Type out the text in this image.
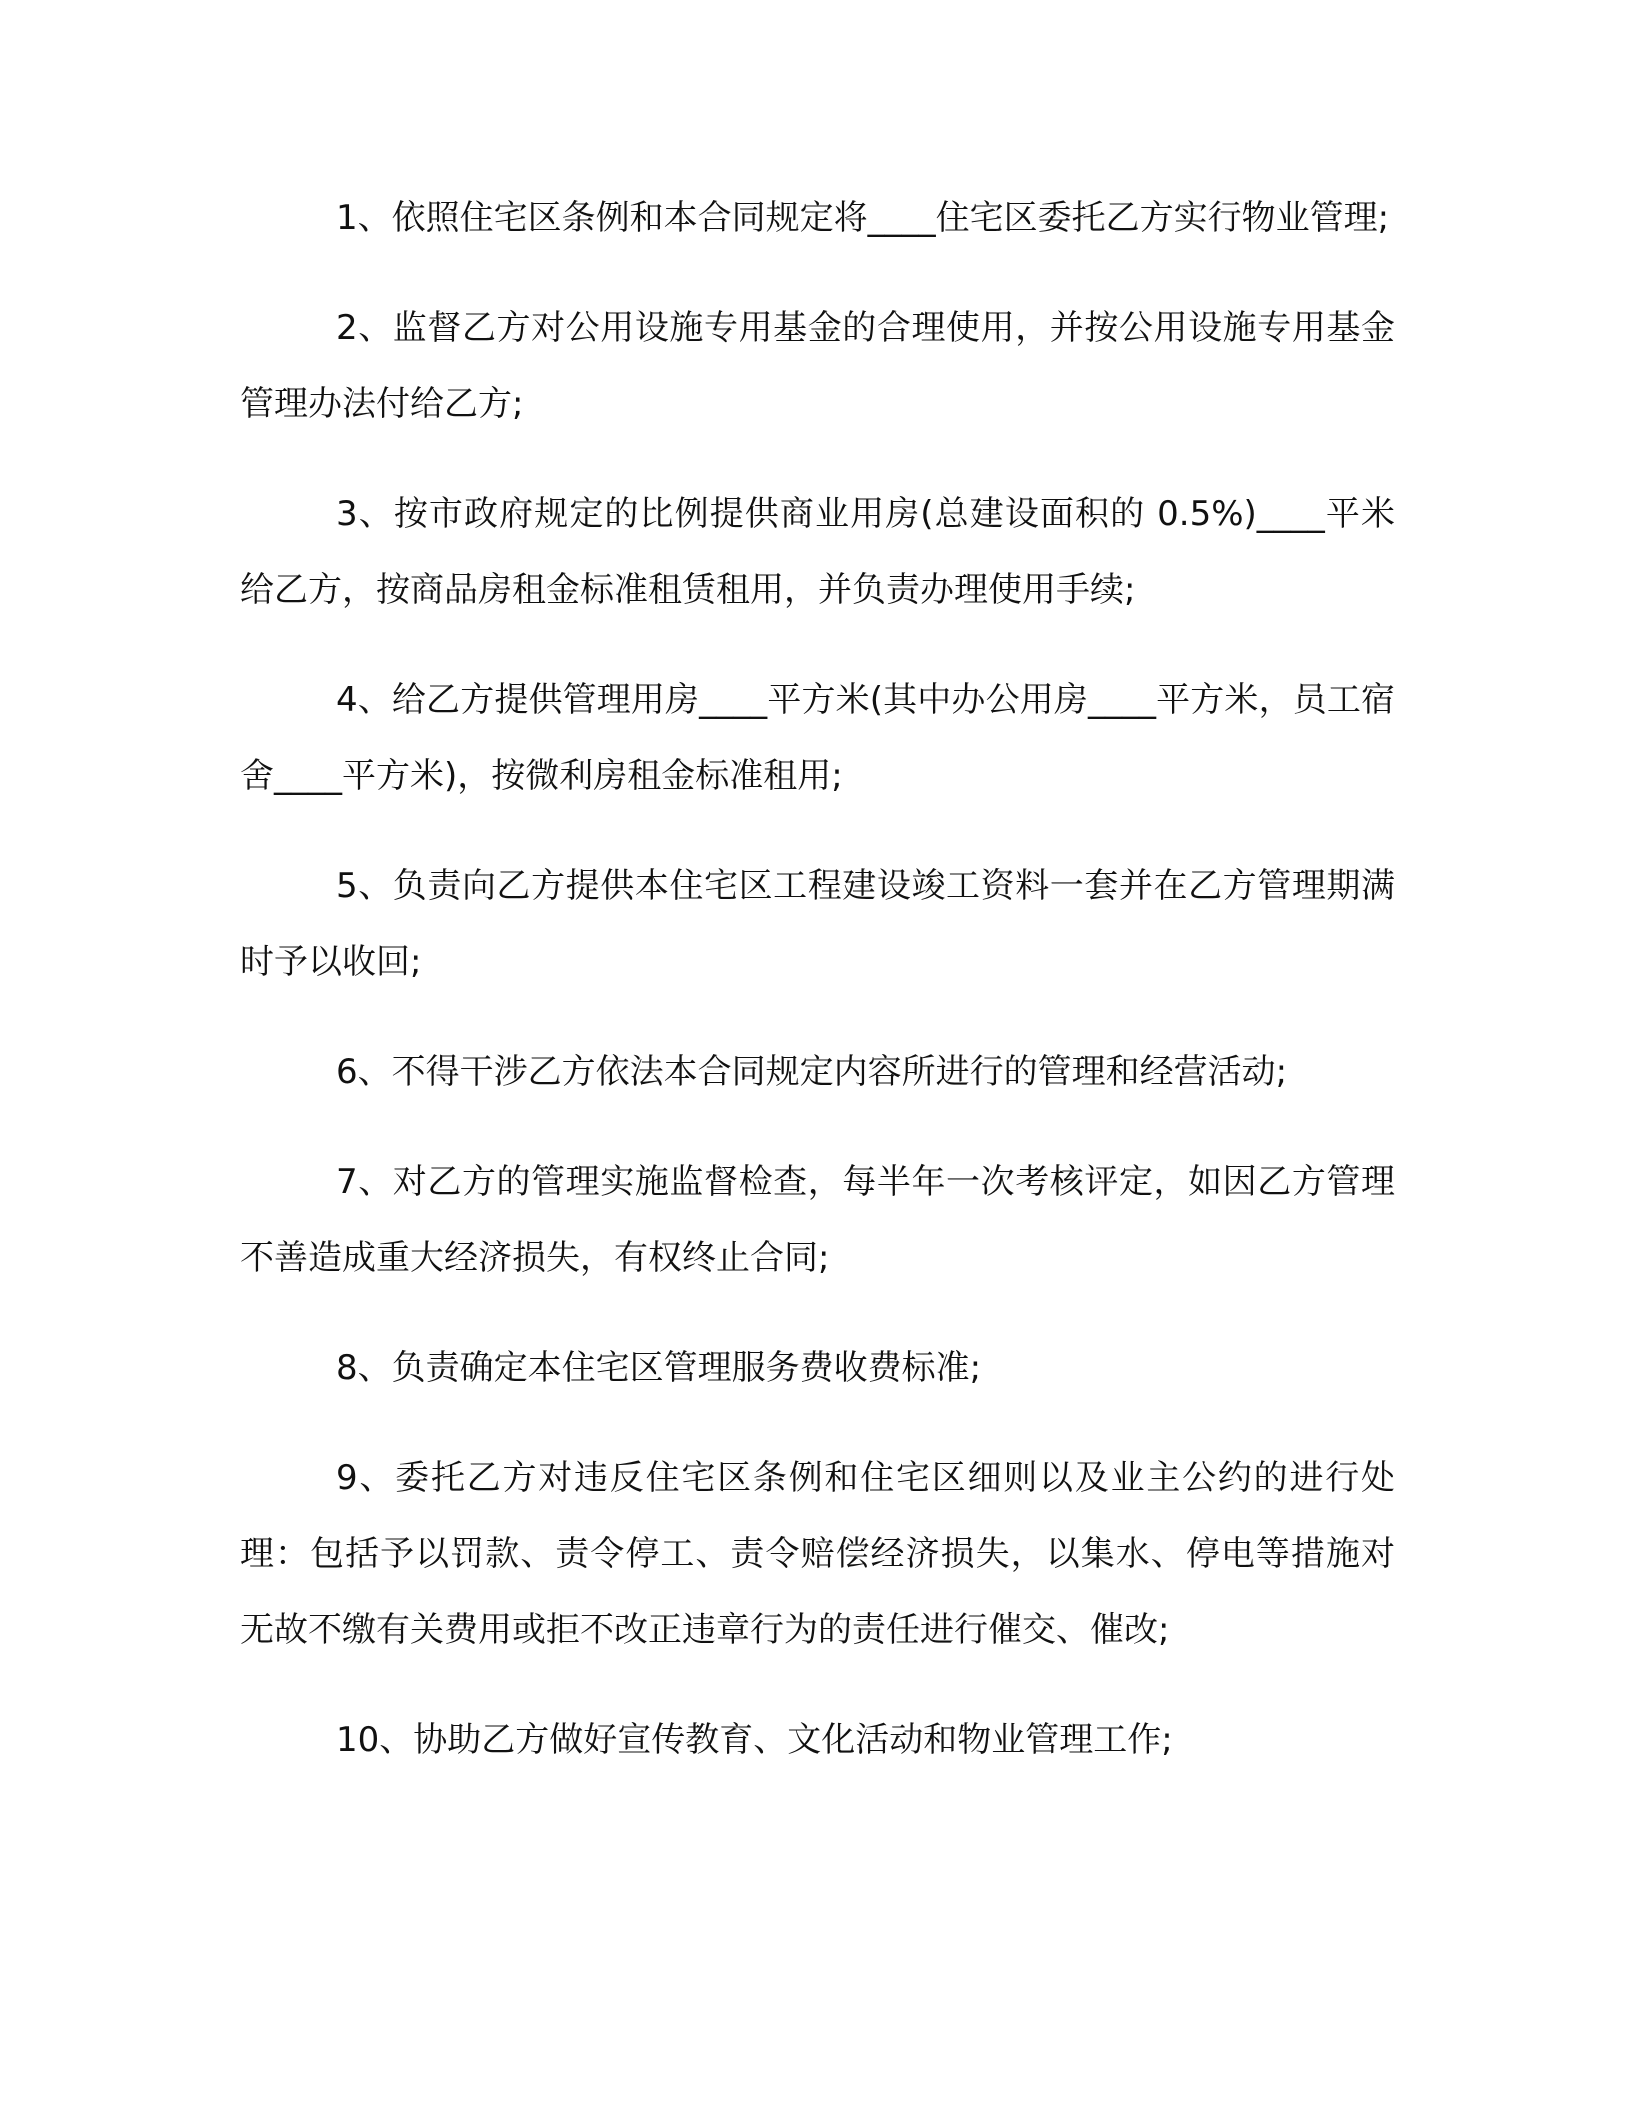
1、依照住宅区条例和本合同规定将____住宅区委托乙方实行物业管理;

2、监督乙方对公用设施专用基金的合理使用，并按公用设施专用基金管理办法付给乙方;

3、按市政府规定的比例提供商业用房(总建设面积的 0.5%)____平米给乙方，按商品房租金标准租赁租用，并负责办理使用手续;

4、给乙方提供管理用房____平方米(其中办公用房____平方米，员工宿舍____平方米)，按微利房租金标准租用;

5、负责向乙方提供本住宅区工程建设竣工资料一套并在乙方管理期满时予以收回;

6、不得干涉乙方依法本合同规定内容所进行的管理和经营活动;

7、对乙方的管理实施监督检查，每半年一次考核评定，如因乙方管理不善造成重大经济损失，有权终止合同;

8、负责确定本住宅区管理服务费收费标准;

9、委托乙方对违反住宅区条例和住宅区细则以及业主公约的进行处理：包括予以罚款、责令停工、责令赔偿经济损失，以集水、停电等措施对无故不缴有关费用或拒不改正违章行为的责任进行催交、催改;

10、协助乙方做好宣传教育、文化活动和物业管理工作;
